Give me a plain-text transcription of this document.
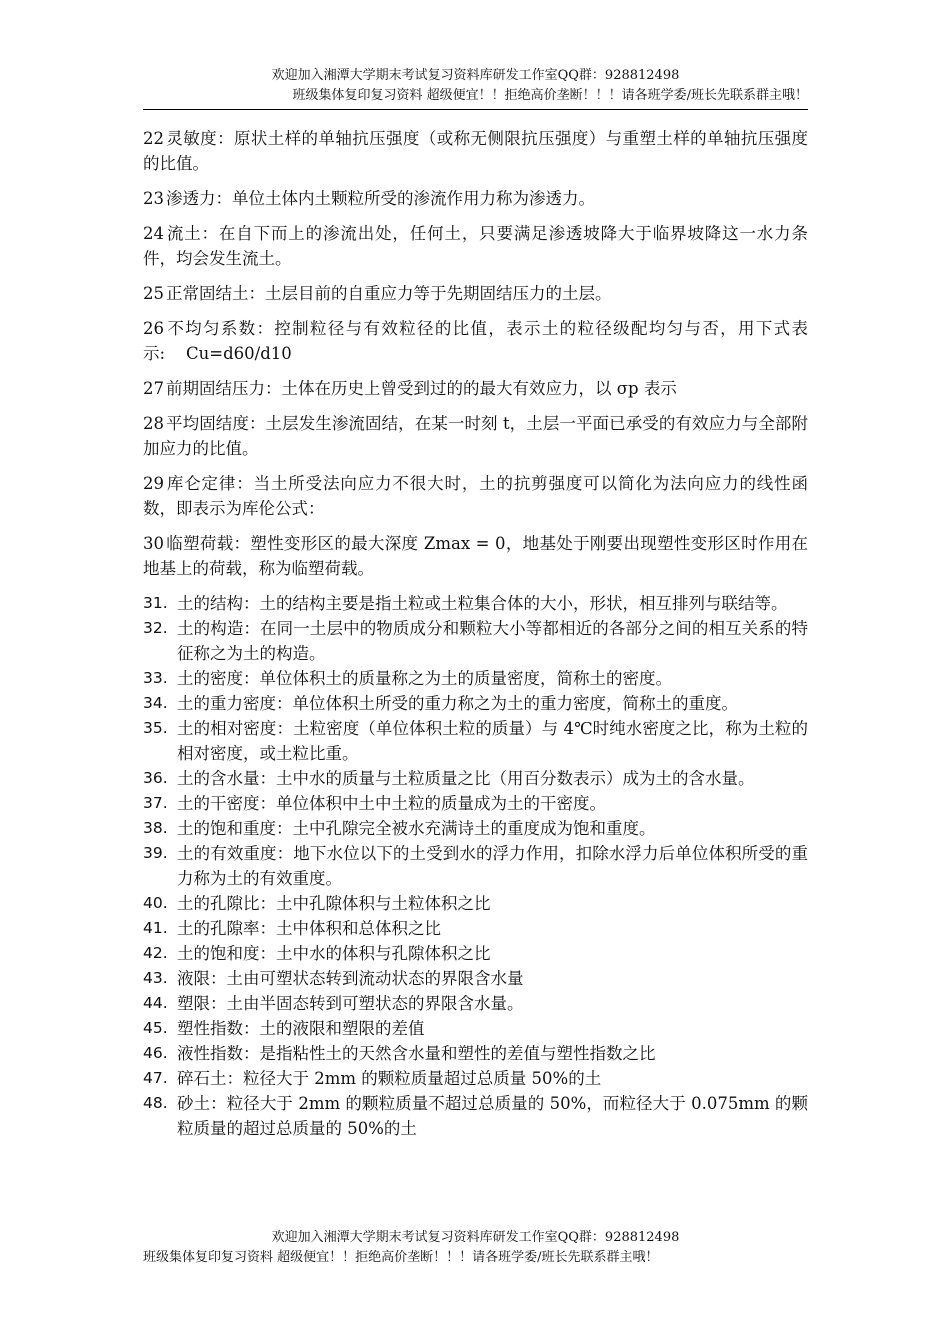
欢迎加入湘潭大学期末考试复习资料库研发工作室QQ群：928812498
班级集体复印复习资料 超级便宜！！拒绝高价垄断！！！请各班学委/班长先联系群主哦！

22 灵敏度：原状土样的单轴抗压强度（或称无侧限抗压强度）与重塑土样的单轴抗压强度的比值。

23 渗透力：单位土体内土颗粒所受的渗流作用力称为渗透力。

24 流土：在自下而上的渗流出处，任何土，只要满足渗透坡降大于临界坡降这一水力条件，均会发生流土。

25 正常固结土：土层目前的自重应力等于先期固结压力的土层。

26 不均匀系数：控制粒径与有效粒径的比值，表示土的粒径级配均匀与否，用下式表示:    Cu=d60/d10

27 前期固结压力：土体在历史上曾受到过的的最大有效应力，以 σp 表示

28 平均固结度：土层发生渗流固结，在某一时刻 t，土层一平面已承受的有效应力与全部附加应力的比值。

29 库仑定律：当土所受法向应力不很大时，土的抗剪强度可以简化为法向应力的线性函数，即表示为库伦公式：

30 临塑荷载：塑性变形区的最大深度 Zmax = 0，地基处于刚要出现塑性变形区时作用在地基上的荷载，称为临塑荷载。

31. 土的结构：土的结构主要是指土粒或土粒集合体的大小，形状，相互排列与联结等。
32. 土的构造：在同一土层中的物质成分和颗粒大小等都相近的各部分之间的相互关系的特征称之为土的构造。
33. 土的密度：单位体积土的质量称之为土的质量密度，简称土的密度。
34. 土的重力密度：单位体积土所受的重力称之为土的重力密度，简称土的重度。
35. 土的相对密度：土粒密度（单位体积土粒的质量）与 4℃时纯水密度之比，称为土粒的相对密度，或土粒比重。
36. 土的含水量：土中水的质量与土粒质量之比（用百分数表示）成为土的含水量。
37. 土的干密度：单位体积中土中土粒的质量成为土的干密度。
38. 土的饱和重度：土中孔隙完全被水充满诗土的重度成为饱和重度。
39. 土的有效重度：地下水位以下的土受到水的浮力作用，扣除水浮力后单位体积所受的重力称为土的有效重度。
40. 土的孔隙比：土中孔隙体积与土粒体积之比
41. 土的孔隙率：土中体积和总体积之比
42. 土的饱和度：土中水的体积与孔隙体积之比
43. 液限：土由可塑状态转到流动状态的界限含水量
44. 塑限：土由半固态转到可塑状态的界限含水量。
45. 塑性指数：土的液限和塑限的差值
46. 液性指数：是指粘性土的天然含水量和塑性的差值与塑性指数之比
47. 碎石土：粒径大于 2mm 的颗粒质量超过总质量 50%的土
48. 砂土：粒径大于 2mm 的颗粒质量不超过总质量的 50%，而粒径大于 0.075mm 的颗粒质量的超过总质量的 50%的土
欢迎加入湘潭大学期末考试复习资料库研发工作室QQ群：928812498
班级集体复印复习资料 超级便宜！！拒绝高价垄断！！！请各班学委/班长先联系群主哦！
